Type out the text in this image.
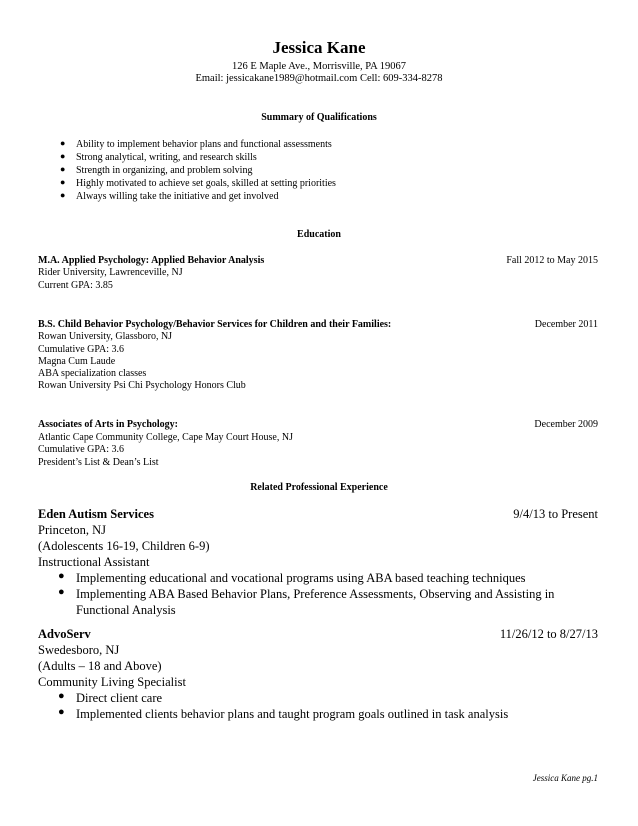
Jessica Kane
126 E Maple Ave., Morrisville, PA 19067
Email: jessicakane1989@hotmail.com Cell: 609-334-8278
Summary of Qualifications
● Ability to implement behavior plans and functional assessments
● Strong analytical, writing, and research skills
● Strength in organizing, and problem solving
● Highly motivated to achieve set goals, skilled at setting priorities
● Always willing take the initiative and get involved
Education
M.A. Applied Psychology: Applied Behavior Analysis	Fall 2012 to May 2015
Rider University, Lawrenceville, NJ
Current GPA: 3.85
B.S. Child Behavior Psychology/Behavior Services for Children and their Families:	December 2011
Rowan University, Glassboro, NJ
Cumulative GPA: 3.6
Magna Cum Laude
ABA specialization classes
Rowan University Psi Chi Psychology Honors Club
Associates of Arts in Psychology:	December 2009
Atlantic Cape Community College, Cape May Court House, NJ
Cumulative GPA: 3.6
President’s List & Dean’s List
Related Professional Experience
Eden Autism Services	9/4/13 to Present
Princeton, NJ
(Adolescents 16-19, Children 6-9)
Instructional Assistant
● Implementing educational and vocational programs using ABA based teaching techniques
● Implementing ABA Based Behavior Plans, Preference Assessments, Observing and Assisting in
Functional Analysis
AdvoServ	11/26/12 to 8/27/13
Swedesboro, NJ
(Adults – 18 and Above)
Community Living Specialist
● Direct client care
● Implemented clients behavior plans and taught program goals outlined in task analysis
Jessica Kane pg.1
